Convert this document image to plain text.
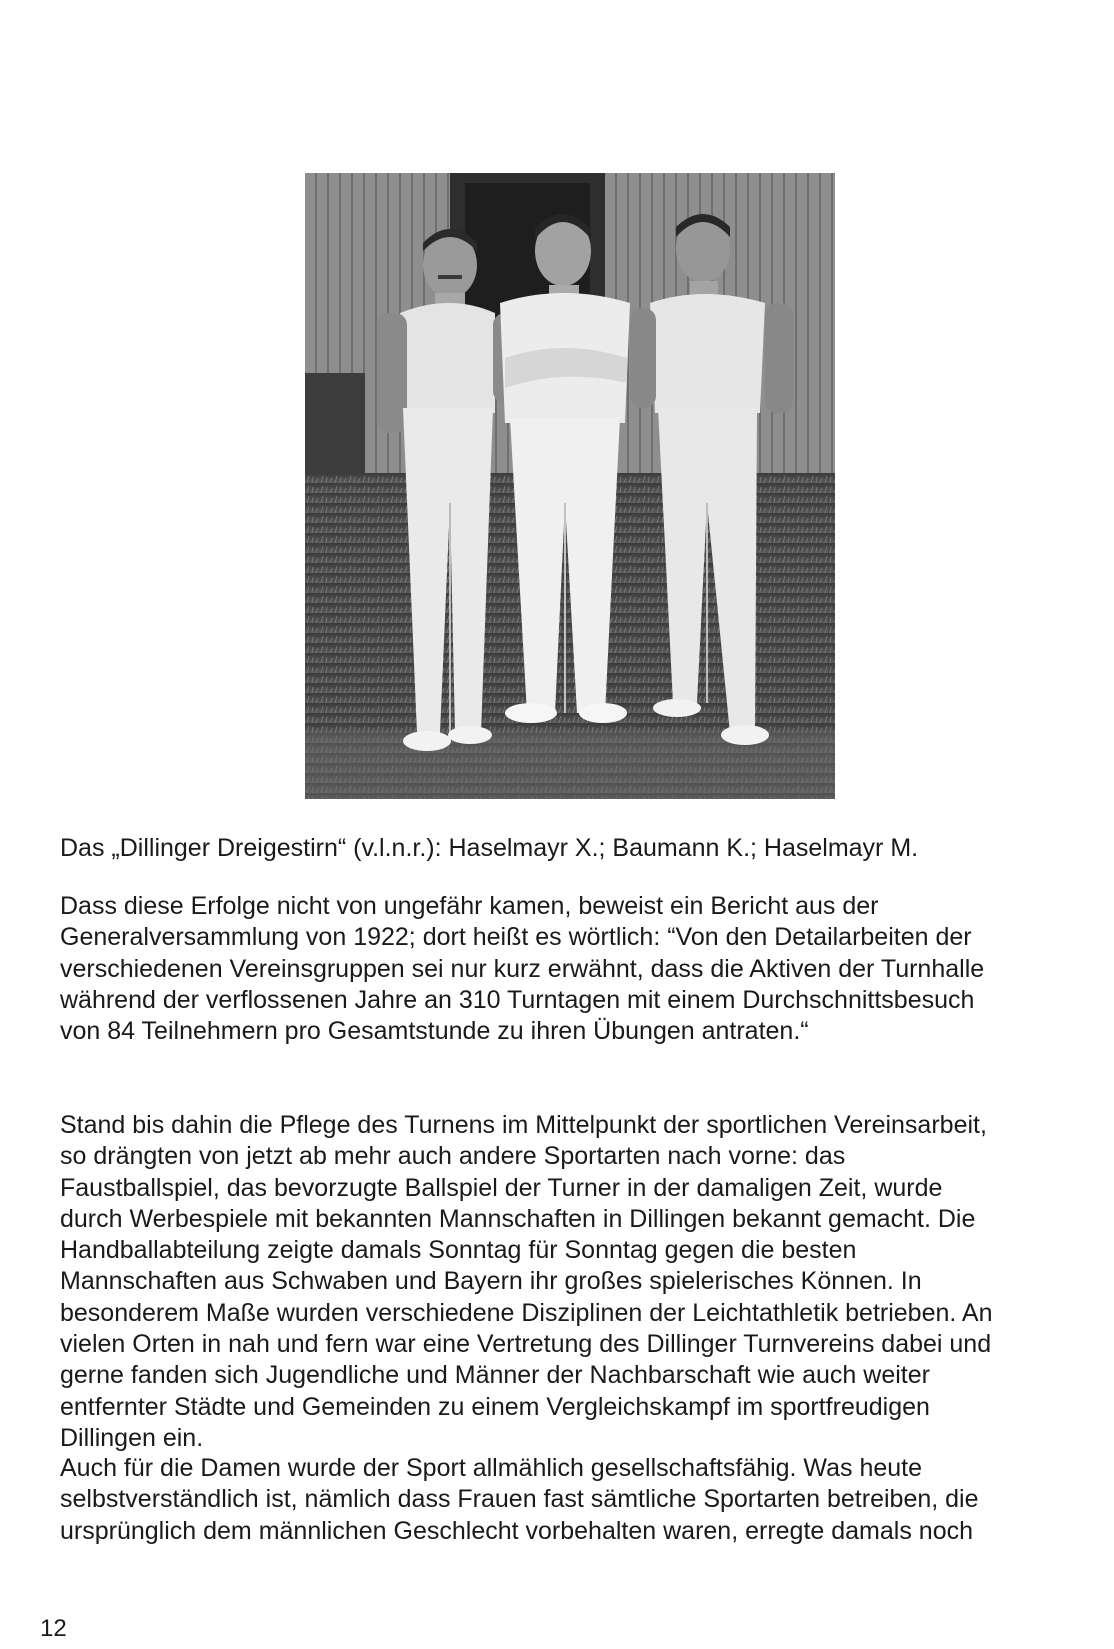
Das „Dillinger Dreigestirn“ (v.l.n.r.): Haselmayr X.; Baumann K.; Haselmayr M.

Dass diese Erfolge nicht von ungefähr kamen, beweist ein Bericht aus der
Generalversammlung von 1922; dort heißt es wörtlich: “Von den Detailarbeiten der
verschiedenen Vereinsgruppen sei nur kurz erwähnt, dass die Aktiven der Turnhalle
während der verflossenen Jahre an 310 Turntagen mit einem Durchschnittsbesuch
von 84 Teilnehmern pro Gesamtstunde zu ihren Übungen antraten.“
Stand bis dahin die Pflege des Turnens im Mittelpunkt der sportlichen Vereinsarbeit,
so drängten von jetzt ab mehr auch andere Sportarten nach vorne: das
Faustballspiel, das bevorzugte Ballspiel der Turner in der damaligen Zeit, wurde
durch Werbespiele mit bekannten Mannschaften in Dillingen bekannt gemacht. Die
Handballabteilung zeigte damals Sonntag für Sonntag gegen die besten
Mannschaften aus Schwaben und Bayern ihr großes spielerisches Können. In
besonderem Maße wurden verschiedene Disziplinen der Leichtathletik betrieben. An
vielen Orten in nah und fern war eine Vertretung des Dillinger Turnvereins dabei und
gerne fanden sich Jugendliche und Männer der Nachbarschaft wie auch weiter
entfernter Städte und Gemeinden zu einem Vergleichskampf im sportfreudigen
Dillingen ein.
Auch für die Damen wurde der Sport allmählich gesellschaftsfähig. Was heute
selbstverständlich ist, nämlich dass Frauen fast sämtliche Sportarten betreiben, die
ursprünglich dem männlichen Geschlecht vorbehalten waren, erregte damals noch

12
